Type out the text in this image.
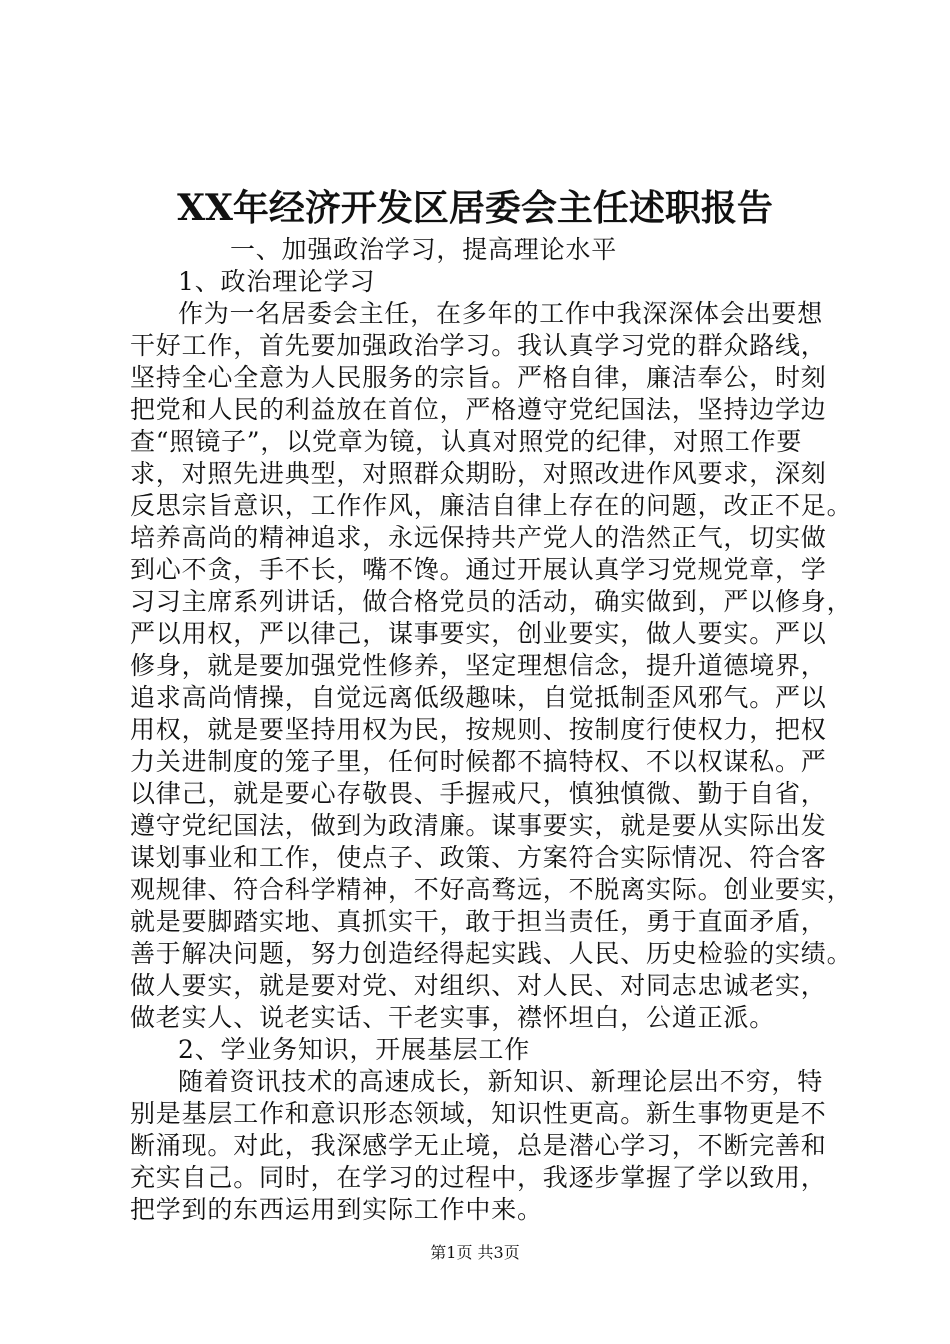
XX年经济开发区居委会主任述职报告
一、加强政治学习，提高理论水平
1、政治理论学习
作为一名居委会主任，在多年的工作中我深深体会出要想
干好工作，首先要加强政治学习。我认真学习党的群众路线，
坚持全心全意为人民服务的宗旨。严格自律，廉洁奉公，时刻
把党和人民的利益放在首位，严格遵守党纪国法，坚持边学边
查“照镜子”，以党章为镜，认真对照党的纪律，对照工作要
求，对照先进典型，对照群众期盼，对照改进作风要求，深刻
反思宗旨意识，工作作风，廉洁自律上存在的问题，改正不足。
培养高尚的精神追求，永远保持共产党人的浩然正气，切实做
到心不贪，手不长，嘴不馋。通过开展认真学习党规党章，学
习习主席系列讲话，做合格党员的活动，确实做到，严以修身，
严以用权，严以律己，谋事要实，创业要实，做人要实。严以
修身，就是要加强党性修养，坚定理想信念，提升道德境界，
追求高尚情操，自觉远离低级趣味，自觉抵制歪风邪气。严以
用权，就是要坚持用权为民，按规则、按制度行使权力，把权
力关进制度的笼子里，任何时候都不搞特权、不以权谋私。严
以律己，就是要心存敬畏、手握戒尺，慎独慎微、勤于自省，
遵守党纪国法，做到为政清廉。谋事要实，就是要从实际出发
谋划事业和工作，使点子、政策、方案符合实际情况、符合客
观规律、符合科学精神，不好高骛远，不脱离实际。创业要实，
就是要脚踏实地、真抓实干，敢于担当责任，勇于直面矛盾，
善于解决问题，努力创造经得起实践、人民、历史检验的实绩。
做人要实，就是要对党、对组织、对人民、对同志忠诚老实，
做老实人、说老实话、干老实事，襟怀坦白，公道正派。
2、学业务知识，开展基层工作
随着资讯技术的高速成长，新知识、新理论层出不穷，特
别是基层工作和意识形态领域，知识性更高。新生事物更是不
断涌现。对此，我深感学无止境，总是潜心学习，不断完善和
充实自己。同时，在学习的过程中，我逐步掌握了学以致用，
把学到的东西运用到实际工作中来。
第1页 共3页
